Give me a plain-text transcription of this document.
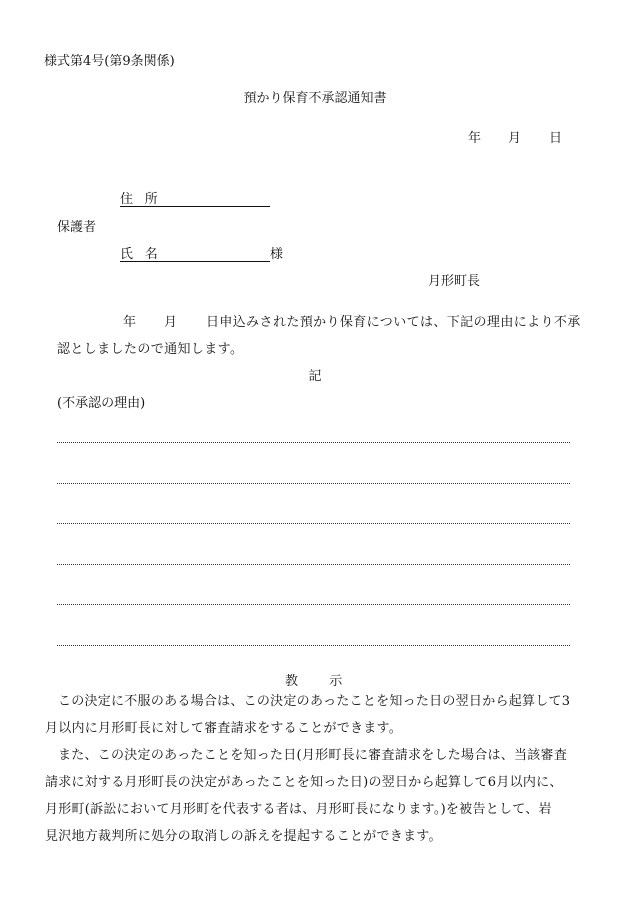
様式第4号(第9条関係)
預かり保育不承認通知書
年 月 日
住所
保護者
氏名	様
月形町長
年 月 日申込みされた預かり保育については、下記の理由により不承
認としましたので通知します。
記
(不承認の理由)
教示

この決定に不服のある場合は、この決定のあったことを知った日の翌日から起算して3

月以内に月形町長に対して審査請求をすることができます。

また、この決定のあったことを知った日(月形町長に審査請求をした場合は、当該審査

請求に対する月形町長の決定があったことを知った日)の翌日から起算して6月以内に、

月形町(訴訟において月形町を代表する者は、月形町長になります。)を被告として、岩

見沢地方裁判所に処分の取消しの訴えを提起することができます。
